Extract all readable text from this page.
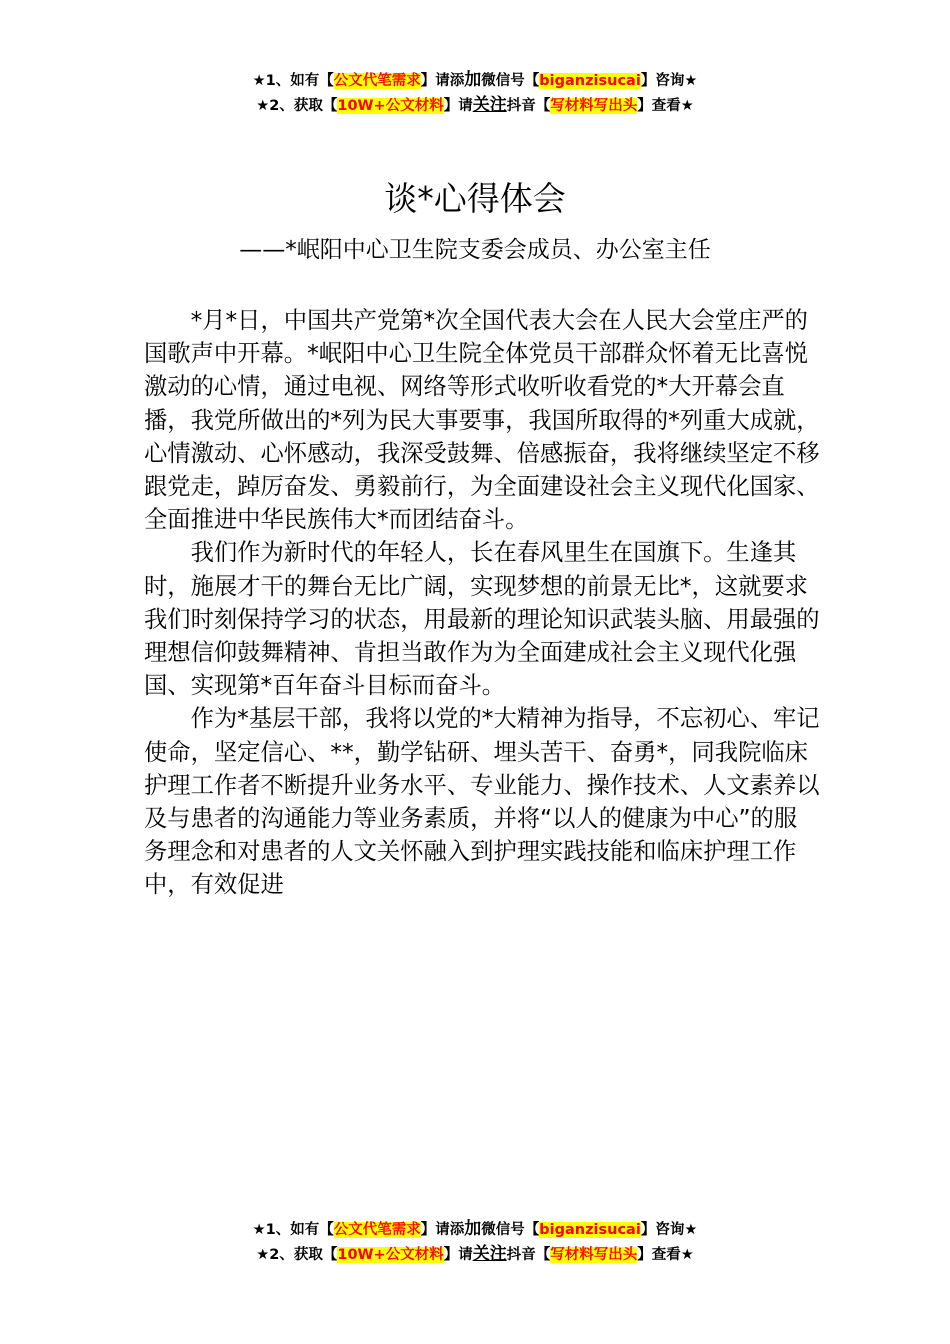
★1、如有【公文代笔需求】请添加微信号【biganzisucai】咨询★
★2、获取【10W+公文材料】请关注抖音【写材料写出头】查看★
谈*心得体会
——*岷阳中心卫生院支委会成员、办公室主任

*月*日，中国共产党第*次全国代表大会在人民大会堂庄严的国歌声中开幕。*岷阳中心卫生院全体党员干部群众怀着无比喜悦激动的心情，通过电视、网络等形式收听收看党的*大开幕会直播，我党所做出的*列为民大事要事，我国所取得的*列重大成就，心情激动、心怀感动，我深受鼓舞、倍感振奋，我将继续坚定不移跟党走，踔厉奋发、勇毅前行，为全面建设社会主义现代化国家、全面推进中华民族伟大*而团结奋斗。

我们作为新时代的年轻人，长在春风里生在国旗下。生逢其时，施展才干的舞台无比广阔，实现梦想的前景无比*，这就要求我们时刻保持学习的状态，用最新的理论知识武装头脑、用最强的理想信仰鼓舞精神、肯担当敢作为为全面建成社会主义现代化强国、实现第*百年奋斗目标而奋斗。

作为*基层干部，我将以党的*大精神为指导，不忘初心、牢记使命，坚定信心、**，勤学钻研、埋头苦干、奋勇*，同我院临床护理工作者不断提升业务水平、专业能力、操作技术、人文素养以及与患者的沟通能力等业务素质，并将“以人的健康为中心”的服务理念和对患者的人文关怀融入到护理实践技能和临床护理工作中，有效促进

★1、如有【公文代笔需求】请添加微信号【biganzisucai】咨询★
★2、获取【10W+公文材料】请关注抖音【写材料写出头】查看★
